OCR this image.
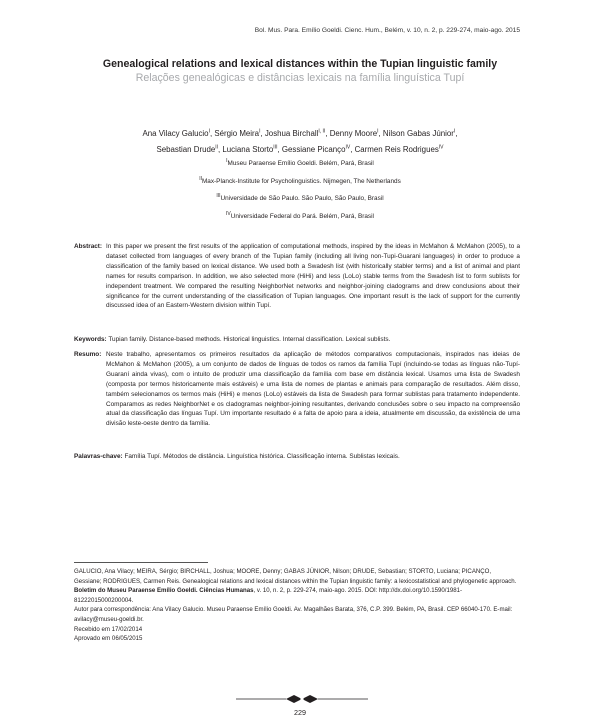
Bol. Mus. Para. Emílio Goeldi. Cienc. Hum., Belém, v. 10, n. 2, p. 229-274, maio-ago. 2015
Genealogical relations and lexical distances within the Tupian linguistic family
Relações genealógicas e distâncias lexicais na família linguística Tupí
Ana Vilacy Galucio$^I$, Sérgio Meira$^I$, Joshua Birchall$^{I, II}$, Denny Moore$^I$, Nilson Gabas Júnior$^I$,
Sebastian Drude$^{II}$, Luciana Storto$^{III}$, Gessiane Picanço$^{IV}$, Carmen Reis Rodrigues$^{IV}$
$^I$Museu Paraense Emílio Goeldi. Belém, Pará, Brasil
$^{II}$Max-Planck-Institute for Psycholinguistics. Nijmegen, The Netherlands
$^{III}$Universidade de São Paulo. São Paulo, São Paulo, Brasil
$^{IV}$Universidade Federal do Pará. Belém, Pará, Brasil
Abstract: In this paper we present the first results of the application of computational methods, inspired by the ideas in McMahon & McMahon (2005), to a dataset collected from languages of every branch of the Tupian family (including all living non-Tupi-Guarani languages) in order to produce a classification of the family based on lexical distance. We used both a Swadesh list (with historically stabler terms) and a list of animal and plant names for results comparison. In addition, we also selected more (HiHi) and less (LoLo) stable terms from the Swadesh list to form sublists for independent treatment. We compared the resulting NeighborNet networks and neighbor-joining cladograms and drew conclusions about their significance for the current understanding of the classification of Tupian languages. One important result is the lack of support for the currently discussed idea of an Eastern-Western division within Tupí.
Keywords: Tupian family. Distance-based methods. Historical linguistics. Internal classification. Lexical sublists.
Resumo: Neste trabalho, apresentamos os primeiros resultados da aplicação de métodos comparativos computacionais, inspirados nas ideias de McMahon & McMahon (2005), a um conjunto de dados de línguas de todos os ramos da família Tupí (incluindo-se todas as línguas não-Tupí-Guaraní ainda vivas), com o intuito de produzir uma classificação da família com base em distância lexical. Usamos uma lista de Swadesh (composta por termos historicamente mais estáveis) e uma lista de nomes de plantas e animais para comparação de resultados. Além disso, também selecionamos os termos mais (HiHi) e menos (LoLo) estáveis da lista de Swadesh para formar sublistas para tratamento independente. Comparamos as redes NeighborNet e os cladogramas neighbor-joining resultantes, derivando conclusões sobre o seu impacto na compreensão atual da classificação das línguas Tupí. Um importante resultado é a falta de apoio para a ideia, atualmente em discussão, da existência de uma divisão leste-oeste dentro da família.
Palavras-chave: Família Tupí. Métodos de distância. Linguística histórica. Classificação interna. Sublistas lexicais.

GALUCIO, Ana Vilacy; MEIRA, Sérgio; BIRCHALL, Joshua; MOORE, Denny; GABAS JÚNIOR, Nilson; DRUDE, Sebastian; STORTO, Luciana; PICANÇO, Gessiane; RODRIGUES, Carmen Reis. Genealogical relations and lexical distances within the Tupian linguistic family: a lexicostatistical and phylogenetic approach. Boletim do Museu Paraense Emílio Goeldi. Ciências Humanas, v. 10, n. 2, p. 229-274, maio-ago. 2015. DOI: http://dx.doi.org/10.1590/1981-81222015000200004.

Autor para correspondência: Ana Vilacy Galucio. Museu Paraense Emílio Goeldi. Av. Magalhães Barata, 376, C.P. 399. Belém, PA, Brasil. CEP 66040-170. E-mail: avilacy@museu-goeldi.br.

Recebido em 17/02/2014

Aprovado em 06/05/2015

229
